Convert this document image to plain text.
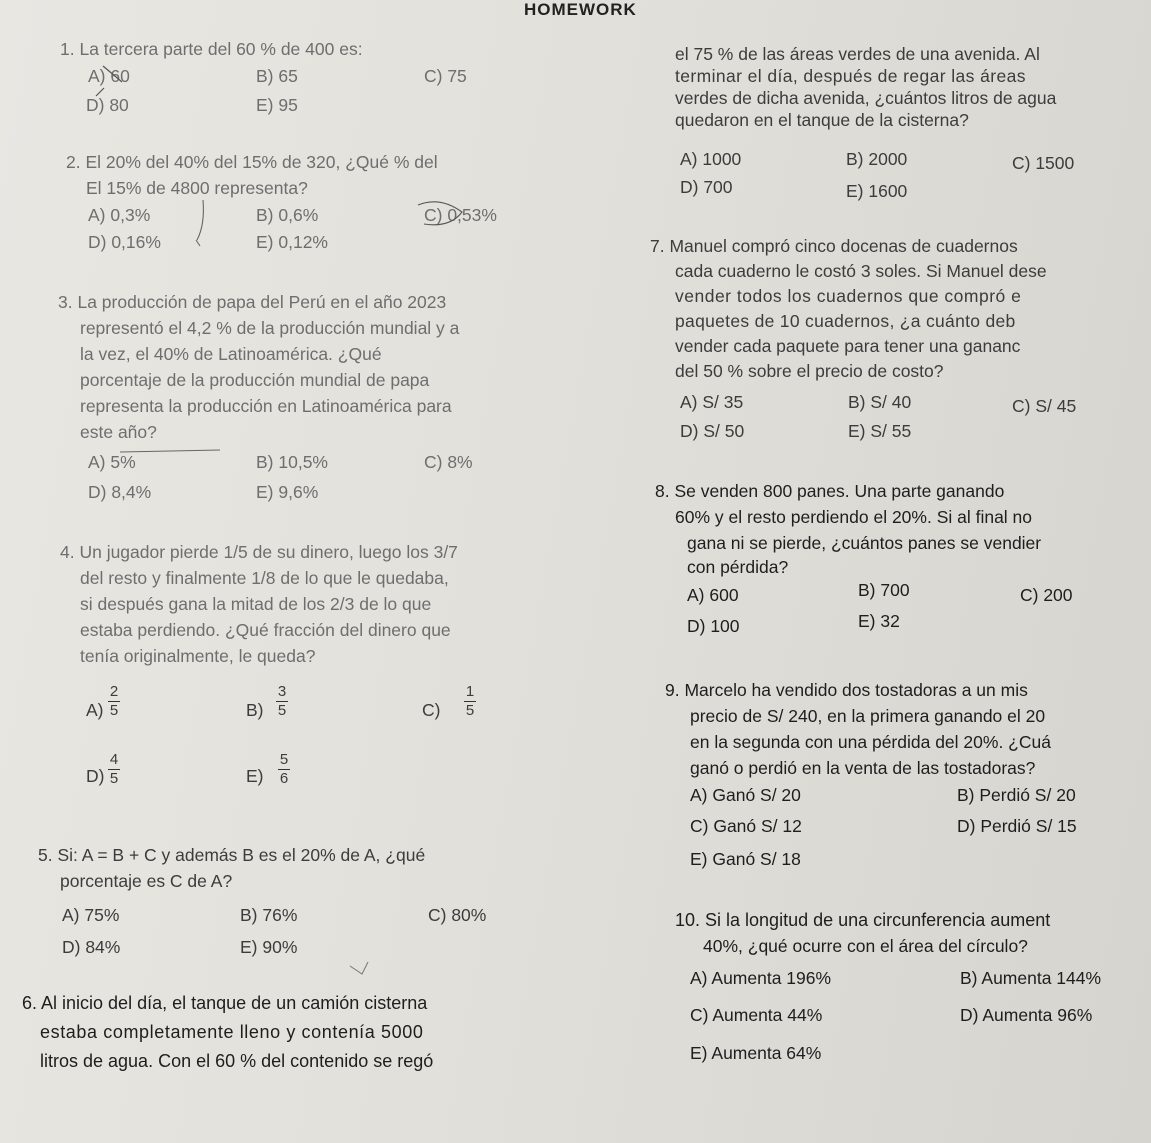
HOMEWORK
1. La tercera parte del 60 % de 400 es:
A) 60	B) 65	C) 75
D) 80	E) 95
2. El 20% del 40% del 15% de 320, ¿Qué % del
El 15% de 4800 representa?
A) 0,3%	B) 0,6%	C) 0,53%
D) 0,16%	E) 0,12%
3. La producción de papa del Perú en el año 2023
representó el 4,2 % de la producción mundial y a
la vez, el 40% de Latinoamérica. ¿Qué
porcentaje de la producción mundial de papa
representa la producción en Latinoamérica para
este año?
A) 5%	B) 10,5%	C) 8%
D) 8,4%	E) 9,6%
4. Un jugador pierde 1/5 de su dinero, luego los 3/7
del resto y finalmente 1/8 de lo que le quedaba,
si después gana la mitad de los 2/3 de lo que
estaba perdiendo. ¿Qué fracción del dinero que
tenía originalmente, le queda?
A)
2
5	B)
3
5	C)
1
5
D)
4
5	E)
5
6
5. Si: A = B + C y además B es el 20% de A, ¿qué
porcentaje es C de A?
A) 75%	B) 76%	C) 80%
D) 84%	E) 90%
6. Al inicio del día, el tanque de un camión cisterna
estaba completamente lleno y contenía 5000
litros de agua. Con el 60 % del contenido se regó
el 75 % de las áreas verdes de una avenida. Al
terminar el día, después de regar las áreas
verdes de dicha avenida, ¿cuántos litros de agua
quedaron en el tanque de la cisterna?
A) 1000	B) 2000	C) 1500
D) 700	E) 1600
7. Manuel compró cinco docenas de cuadernos
cada cuaderno le costó 3 soles. Si Manuel dese
vender todos los cuadernos que compró e
paquetes de 10 cuadernos, ¿a cuánto deb
vender cada paquete para tener una gananc
del 50 % sobre el precio de costo?
A) S/ 35	B) S/ 40	C) S/ 45
D) S/ 50	E) S/ 55
8. Se venden 800 panes. Una parte ganando
60% y el resto perdiendo el 20%. Si al final no
gana ni se pierde, ¿cuántos panes se vendier
con pérdida?
A) 600	B) 700	C) 200
D) 100	E) 32
9. Marcelo ha vendido dos tostadoras a un mis
precio de S/ 240, en la primera ganando el 20
en la segunda con una pérdida del 20%. ¿Cuá
ganó o perdió en la venta de las tostadoras?
A) Ganó S/ 20	B) Perdió S/ 20
C) Ganó S/ 12	D) Perdió S/ 15
E) Ganó S/ 18
10. Si la longitud de una circunferencia aument
40%, ¿qué ocurre con el área del círculo?
A) Aumenta 196%	B) Aumenta 144%
C) Aumenta 44%	D) Aumenta 96%
E) Aumenta 64%
